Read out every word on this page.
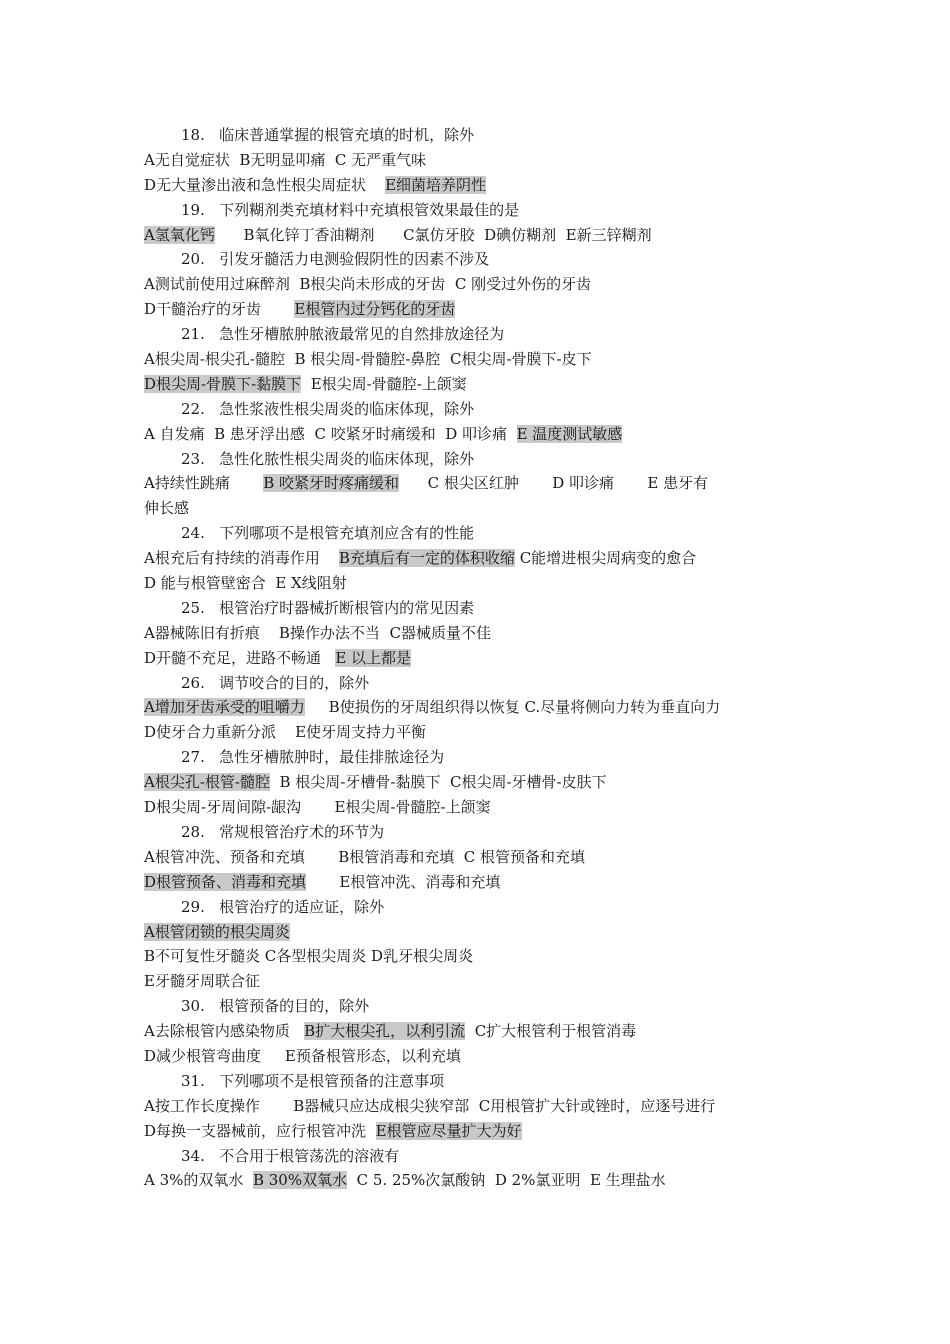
18.   临床普通掌握的根管充填的时机，除外
A无自觉症状  B无明显叩痛  C 无严重气味
D无大量渗出液和急性根尖周症状    E细菌培养阴性
19.   下列糊剂类充填材料中充填根管效果最佳的是
A氢氧化钙      B氧化锌丁香油糊剂      C氯仿牙胶  D碘仿糊剂  E新三锌糊剂
20.   引发牙髓活力电测验假阴性的因素不涉及
A测试前使用过麻醉剂  B根尖尚未形成的牙齿  C 刚受过外伤的牙齿
D干髓治疗的牙齿       E根管内过分钙化的牙齿
21.   急性牙槽脓肿脓液最常见的自然排放途径为
A根尖周-根尖孔-髓腔  B 根尖周-骨髓腔-鼻腔  C根尖周-骨膜下-皮下
D根尖周-骨膜下-黏膜下  E根尖周-骨髓腔-上颌窦
22.   急性浆液性根尖周炎的临床体现，除外
A 自发痛  B 患牙浮出感  C 咬紧牙时痛缓和  D 叩诊痛  E 温度测试敏感
23.   急性化脓性根尖周炎的临床体现，除外
A持续性跳痛       B 咬紧牙时疼痛缓和      C 根尖区红肿       D 叩诊痛       E 患牙有
伸长感
24.   下列哪项不是根管充填剂应含有的性能
A根充后有持续的消毒作用    B充填后有一定的体积收缩 C能增进根尖周病变的愈合
D 能与根管壁密合  E X线阻射
25.   根管治疗时器械折断根管内的常见因素
A器械陈旧有折痕    B操作办法不当  C器械质量不佳
D开髓不充足，进路不畅通   E 以上都是
26.   调节咬合的目的，除外
A增加牙齿承受的咀嚼力     B使损伤的牙周组织得以恢复 C.尽量将侧向力转为垂直向力
D使牙合力重新分派    E使牙周支持力平衡
27.   急性牙槽脓肿时，最佳排脓途径为
A根尖孔-根管-髓腔  B 根尖周-牙槽骨-黏膜下  C根尖周-牙槽骨-皮肤下
D根尖周-牙周间隙-龈沟       E根尖周-骨髓腔-上颌窦
28.   常规根管治疗术的环节为
A根管冲洗、预备和充填       B根管消毒和充填  C 根管预备和充填
D根管预备、消毒和充填       E根管冲洗、消毒和充填
29.   根管治疗的适应证，除外
A根管闭锁的根尖周炎
B不可复性牙髓炎 C各型根尖周炎 D乳牙根尖周炎
E牙髓牙周联合征
30.   根管预备的目的，除外
A去除根管内感染物质   B扩大根尖孔，以利引流  C扩大根管利于根管消毒
D减少根管弯曲度     E预备根管形态，以利充填
31.   下列哪项不是根管预备的注意事项
A按工作长度操作       B器械只应达成根尖狭窄部  C用根管扩大针或锉时，应逐号进行
D每换一支器械前，应行根管冲洗  E根管应尽量扩大为好
34.   不合用于根管荡洗的溶液有
A 3%的双氧水  B 30%双氧水  C 5. 25%次氯酸钠  D 2%氯亚明  E 生理盐水
